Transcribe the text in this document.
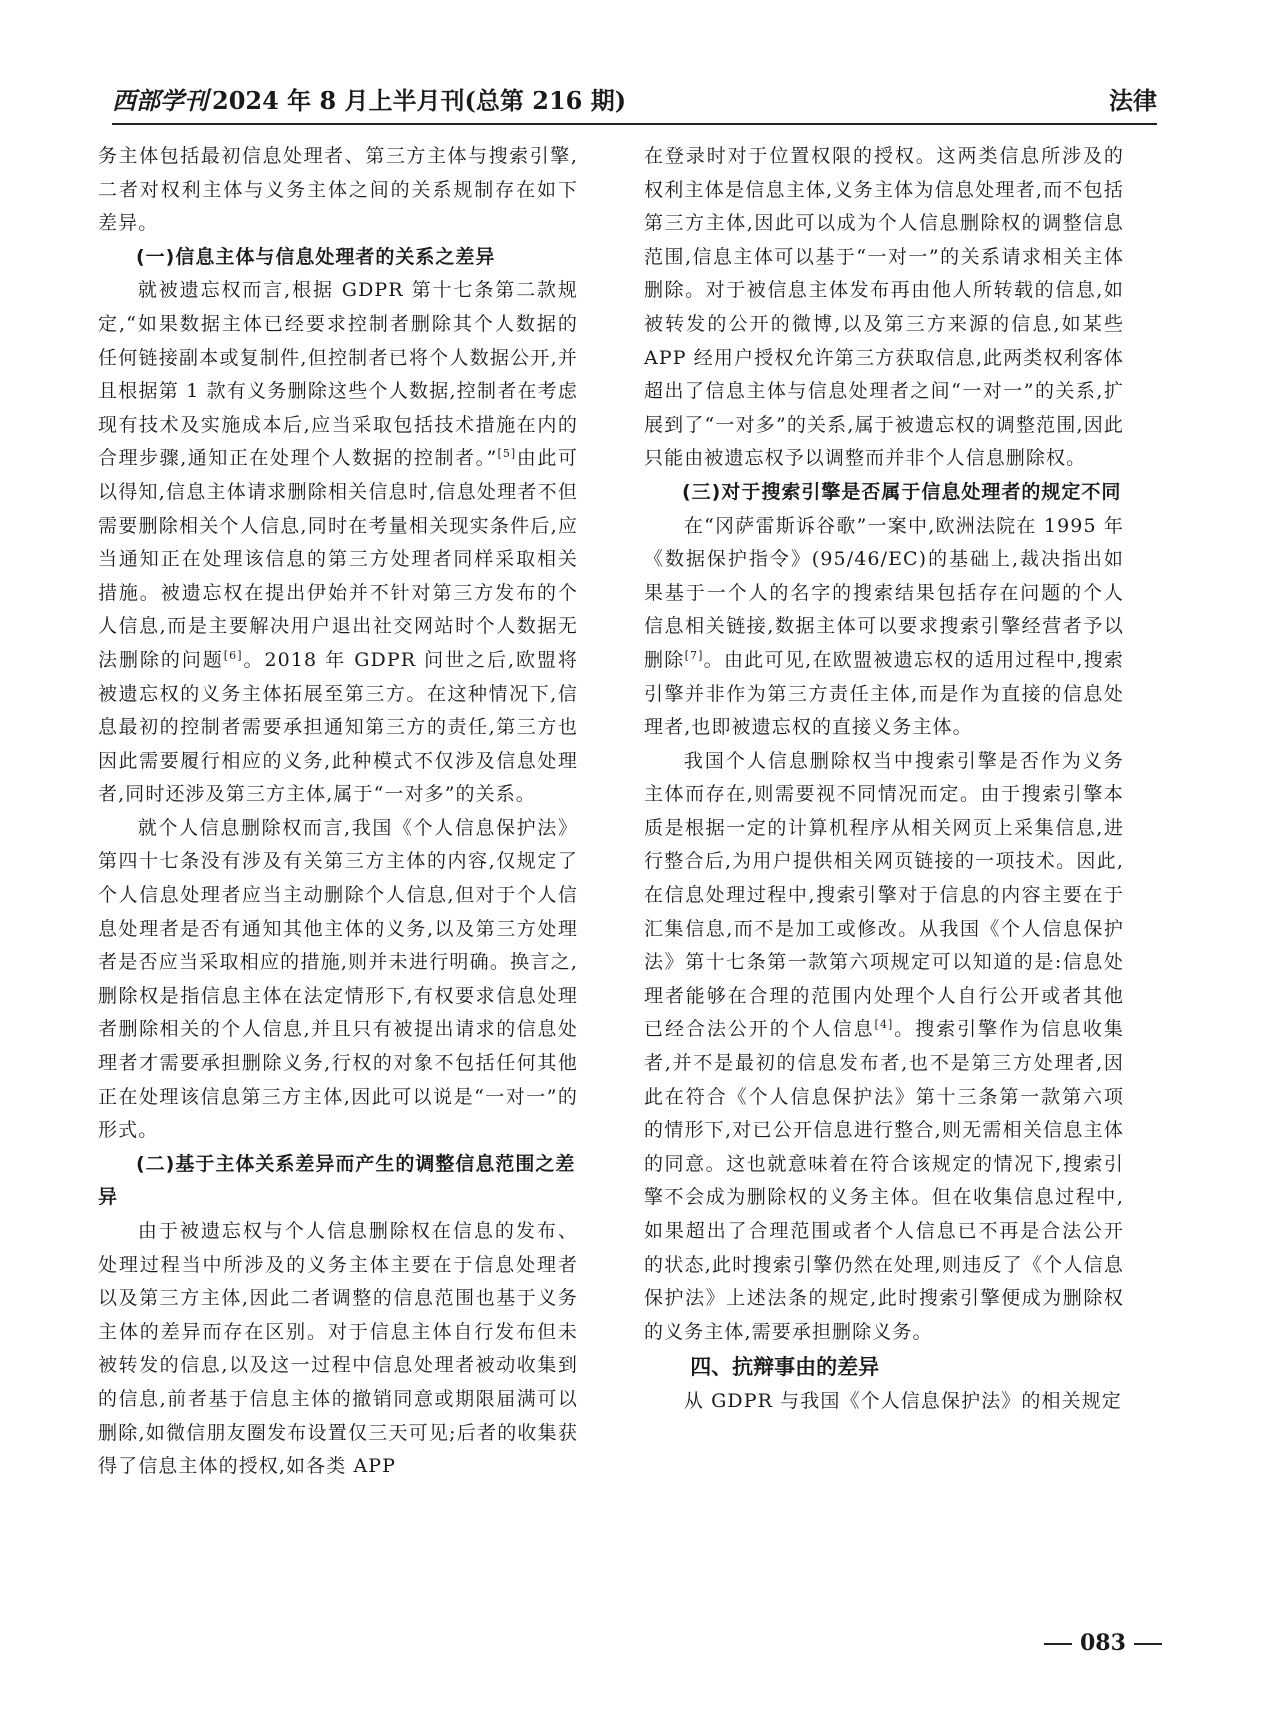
西部学刊 2024 年 8 月上半月刊(总第 216 期)	法律

务主体包括最初信息处理者、第三方主体与搜索引擎,二者对权利主体与义务主体之间的关系规制存在如下差异。

(一)信息主体与信息处理者的关系之差异

就被遗忘权而言,根据 GDPR 第十七条第二款规定,“如果数据主体已经要求控制者删除其个人数据的任何链接副本或复制件,但控制者已将个人数据公开,并且根据第 1 款有义务删除这些个人数据,控制者在考虑现有技术及实施成本后,应当采取包括技术措施在内的合理步骤,通知正在处理个人数据的控制者。”[5]由此可以得知,信息主体请求删除相关信息时,信息处理者不但需要删除相关个人信息,同时在考量相关现实条件后,应当通知正在处理该信息的第三方处理者同样采取相关措施。被遗忘权在提出伊始并不针对第三方发布的个人信息,而是主要解决用户退出社交网站时个人数据无法删除的问题[6]。2018 年 GDPR 问世之后,欧盟将被遗忘权的义务主体拓展至第三方。在这种情况下,信息最初的控制者需要承担通知第三方的责任,第三方也因此需要履行相应的义务,此种模式不仅涉及信息处理者,同时还涉及第三方主体,属于“一对多”的关系。

就个人信息删除权而言,我国《个人信息保护法》第四十七条没有涉及有关第三方主体的内容,仅规定了个人信息处理者应当主动删除个人信息,但对于个人信息处理者是否有通知其他主体的义务,以及第三方处理者是否应当采取相应的措施,则并未进行明确。换言之,删除权是指信息主体在法定情形下,有权要求信息处理者删除相关的个人信息,并且只有被提出请求的信息处理者才需要承担删除义务,行权的对象不包括任何其他正在处理该信息第三方主体,因此可以说是“一对一”的形式。

(二)基于主体关系差异而产生的调整信息范围之差异

由于被遗忘权与个人信息删除权在信息的发布、处理过程当中所涉及的义务主体主要在于信息处理者以及第三方主体,因此二者调整的信息范围也基于义务主体的差异而存在区别。对于信息主体自行发布但未被转发的信息,以及这一过程中信息处理者被动收集到的信息,前者基于信息主体的撤销同意或期限届满可以删除,如微信朋友圈发布设置仅三天可见;后者的收集获得了信息主体的授权,如各类 APP

在登录时对于位置权限的授权。这两类信息所涉及的权利主体是信息主体,义务主体为信息处理者,而不包括第三方主体,因此可以成为个人信息删除权的调整信息范围,信息主体可以基于“一对一”的关系请求相关主体删除。对于被信息主体发布再由他人所转载的信息,如被转发的公开的微博,以及第三方来源的信息,如某些 APP 经用户授权允许第三方获取信息,此两类权利客体超出了信息主体与信息处理者之间“一对一”的关系,扩展到了“一对多”的关系,属于被遗忘权的调整范围,因此只能由被遗忘权予以调整而并非个人信息删除权。

(三)对于搜索引擎是否属于信息处理者的规定不同

在“冈萨雷斯诉谷歌”一案中,欧洲法院在 1995 年《数据保护指令》(95/46/EC)的基础上,裁决指出如果基于一个人的名字的搜索结果包括存在问题的个人信息相关链接,数据主体可以要求搜索引擎经营者予以删除[7]。由此可见,在欧盟被遗忘权的适用过程中,搜索引擎并非作为第三方责任主体,而是作为直接的信息处理者,也即被遗忘权的直接义务主体。

我国个人信息删除权当中搜索引擎是否作为义务主体而存在,则需要视不同情况而定。由于搜索引擎本质是根据一定的计算机程序从相关网页上采集信息,进行整合后,为用户提供相关网页链接的一项技术。因此,在信息处理过程中,搜索引擎对于信息的内容主要在于汇集信息,而不是加工或修改。从我国《个人信息保护法》第十七条第一款第六项规定可以知道的是:信息处理者能够在合理的范围内处理个人自行公开或者其他已经合法公开的个人信息[4]。搜索引擎作为信息收集者,并不是最初的信息发布者,也不是第三方处理者,因此在符合《个人信息保护法》第十三条第一款第六项的情形下,对已公开信息进行整合,则无需相关信息主体的同意。这也就意味着在符合该规定的情况下,搜索引擎不会成为删除权的义务主体。但在收集信息过程中,如果超出了合理范围或者个人信息已不再是合法公开的状态,此时搜索引擎仍然在处理,则违反了《个人信息保护法》上述法条的规定,此时搜索引擎便成为删除权的义务主体,需要承担删除义务。

四、抗辩事由的差异

从 GDPR 与我国《个人信息保护法》的相关规定

083
